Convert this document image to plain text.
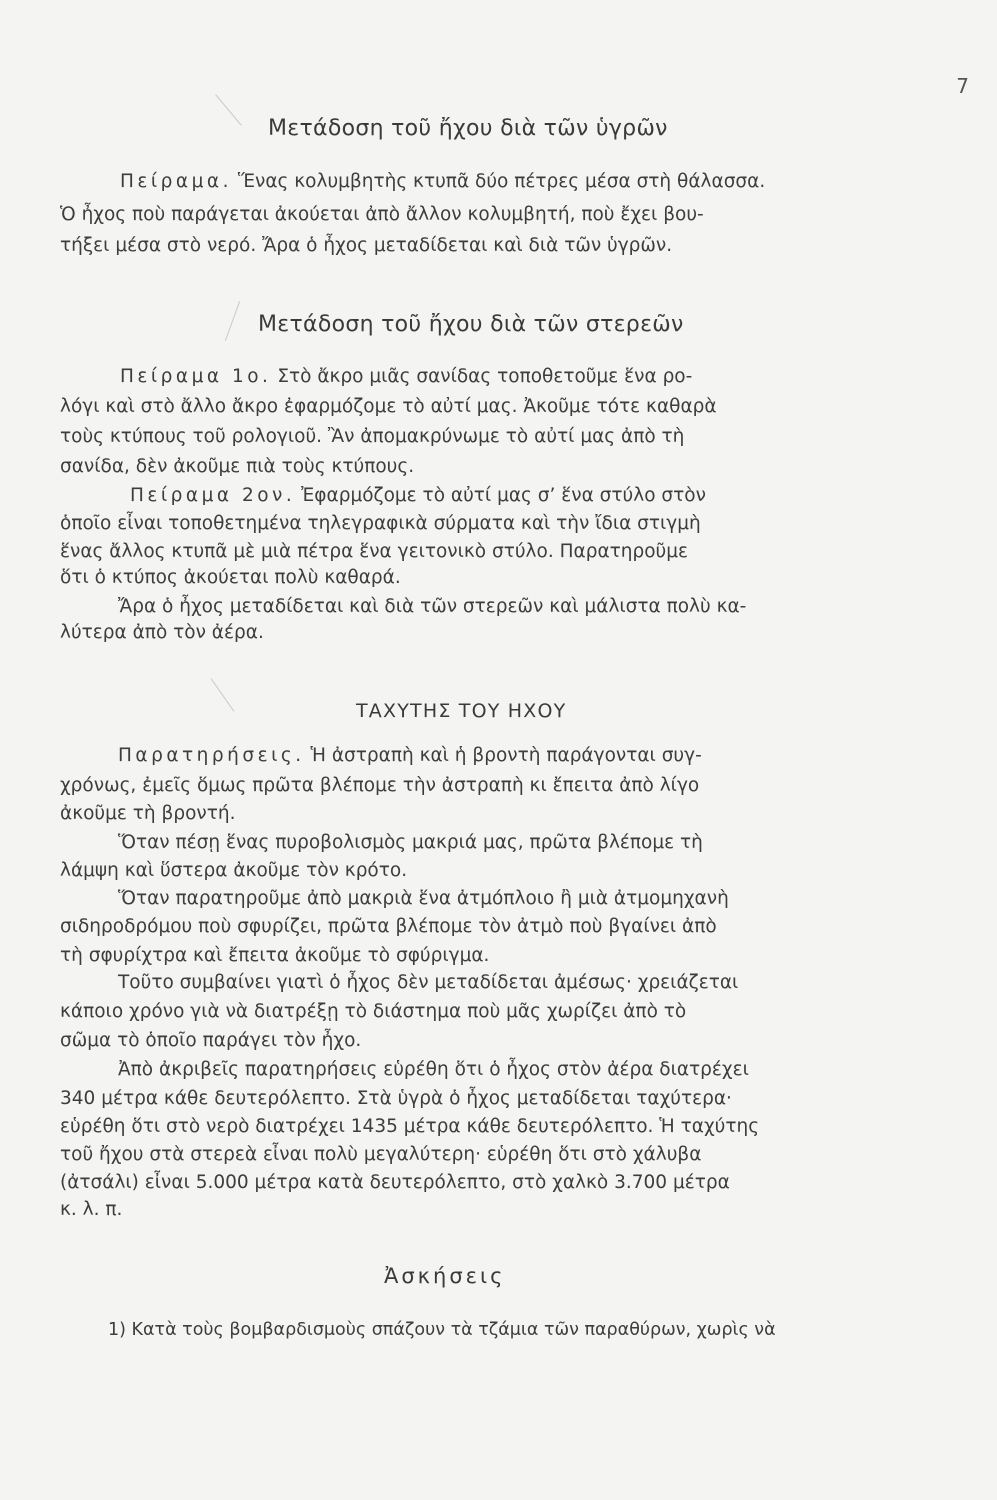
7
Μετάδοση τοῦ ἤχου διὰ τῶν ὑγρῶν
Πείραμα. Ἕνας κολυμβητὴς κτυπᾶ δύο πέτρες μέσα στὴ θάλασσα.
Ὁ ἦχος ποὺ παράγεται ἀκούεται ἀπὸ ἄλλον κολυμβητή, ποὺ ἔχει βου-
τήξει μέσα στὸ νερό. Ἄρα ὁ ἦχος μεταδίδεται καὶ διὰ τῶν ὑγρῶν.
Μετάδοση τοῦ ἤχου διὰ τῶν στερεῶν
Πείραμα 1ο. Στὸ ἄκρο μιᾶς σανίδας τοποθετοῦμε ἕνα ρο-
λόγι καὶ στὸ ἄλλο ἄκρο ἐφαρμόζομε τὸ αὐτί μας. Ἀκοῦμε τότε καθαρὰ
τοὺς κτύπους τοῦ ρολογιοῦ. Ἂν ἀπομακρύνωμε τὸ αὐτί μας ἀπὸ τὴ
σανίδα, δὲν ἀκοῦμε πιὰ τοὺς κτύπους.
Πείραμα 2ον. Ἐφαρμόζομε τὸ αὐτί μας σ’ ἕνα στύλο στὸν
ὁποῖο εἶναι τοποθετημένα τηλεγραφικὰ σύρματα καὶ τὴν ἴδια στιγμὴ
ἕνας ἄλλος κτυπᾶ μὲ μιὰ πέτρα ἕνα γειτονικὸ στύλο. Παρατηροῦμε
ὅτι ὁ κτύπος ἀκούεται πολὺ καθαρά.
Ἄρα ὁ ἦχος μεταδίδεται καὶ διὰ τῶν στερεῶν καὶ μάλιστα πολὺ κα-
λύτερα ἀπὸ τὸν ἀέρα.
ΤΑΧΥΤΗΣ ΤΟΥ ΗΧΟΥ
Παρατηρήσεις. Ἡ ἀστραπὴ καὶ ἡ βροντὴ παράγονται συγ-
χρόνως, ἐμεῖς ὅμως πρῶτα βλέπομε τὴν ἀστραπὴ κι ἔπειτα ἀπὸ λίγο
ἀκοῦμε τὴ βροντή.
Ὅταν πέσῃ ἕνας πυροβολισμὸς μακριά μας, πρῶτα βλέπομε τὴ
λάμψη καὶ ὕστερα ἀκοῦμε τὸν κρότο.
Ὅταν παρατηροῦμε ἀπὸ μακριὰ ἕνα ἀτμόπλοιο ἢ μιὰ ἀτμομηχανὴ
σιδηροδρόμου ποὺ σφυρίζει, πρῶτα βλέπομε τὸν ἀτμὸ ποὺ βγαίνει ἀπὸ
τὴ σφυρίχτρα καὶ ἔπειτα ἀκοῦμε τὸ σφύριγμα.
Τοῦτο συμβαίνει γιατὶ ὁ ἦχος δὲν μεταδίδεται ἀμέσως· χρειάζεται
κάποιο χρόνο γιὰ νὰ διατρέξῃ τὸ διάστημα ποὺ μᾶς χωρίζει ἀπὸ τὸ
σῶμα τὸ ὁποῖο παράγει τὸν ἦχο.
Ἀπὸ ἀκριβεῖς παρατηρήσεις εὑρέθη ὅτι ὁ ἦχος στὸν ἀέρα διατρέχει
340 μέτρα κάθε δευτερόλεπτο. Στὰ ὑγρὰ ὁ ἦχος μεταδίδεται ταχύτερα·
εὑρέθη ὅτι στὸ νερὸ διατρέχει 1435 μέτρα κάθε δευτερόλεπτο. Ἡ ταχύτης
τοῦ ἤχου στὰ στερεὰ εἶναι πολὺ μεγαλύτερη· εὑρέθη ὅτι στὸ χάλυβα
(ἀτσάλι) εἶναι 5.000 μέτρα κατὰ δευτερόλεπτο, στὸ χαλκὸ 3.700 μέτρα
κ. λ. π.
Ἀσκήσεις
1) Κατὰ τοὺς βομβαρδισμοὺς σπάζουν τὰ τζάμια τῶν παραθύρων, χωρὶς νὰ
